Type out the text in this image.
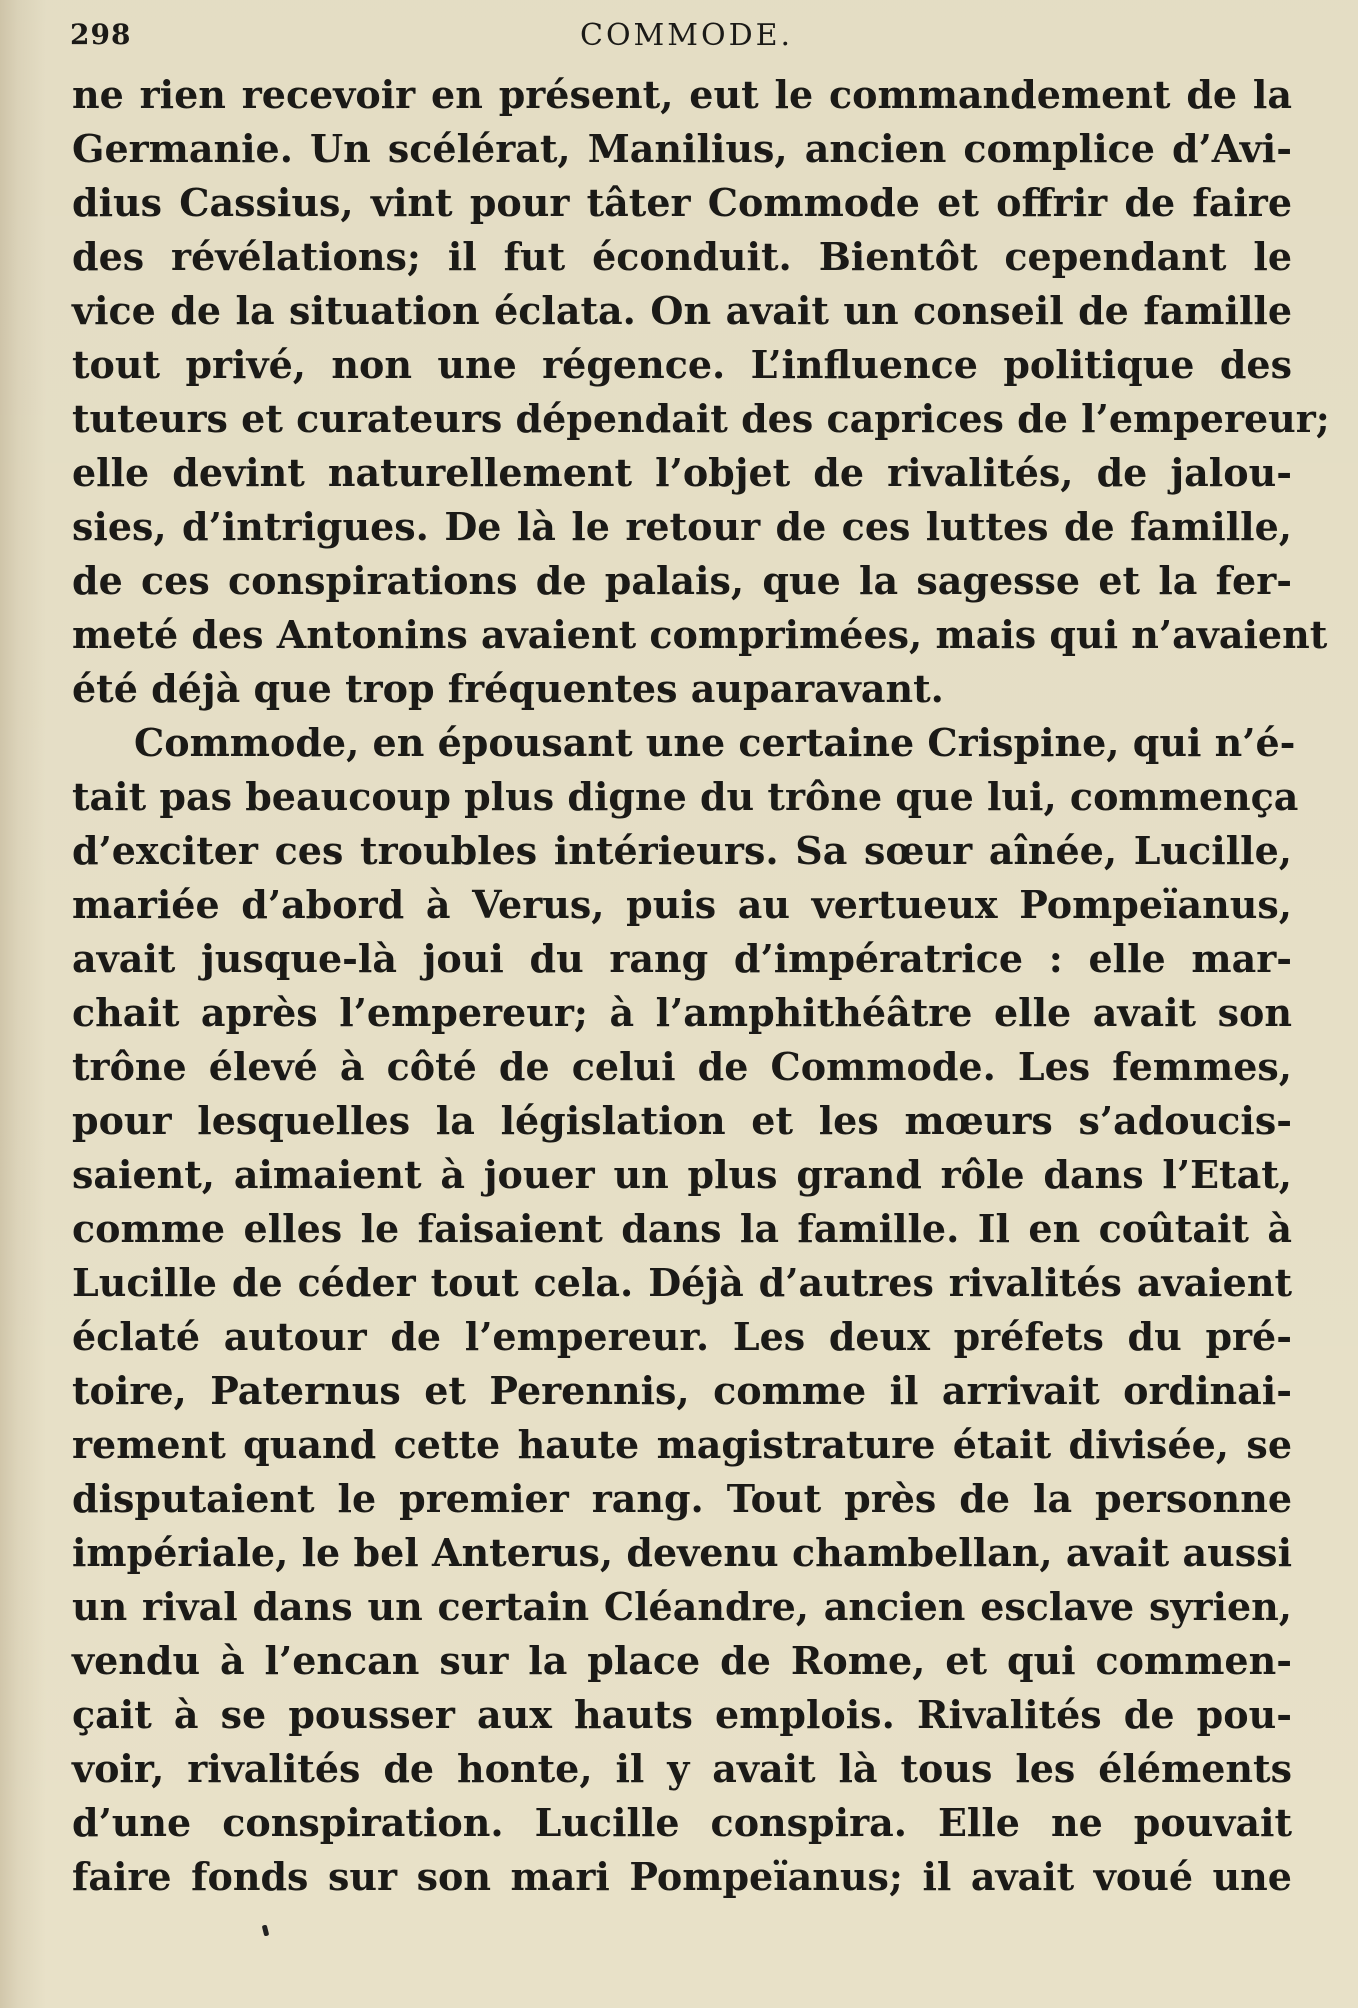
298	COMMODE.
ne rien recevoir en présent, eut le commandement de la
Germanie. Un scélérat, Manilius, ancien complice d’Avi-
dius Cassius, vint pour tâter Commode et offrir de faire
des révélations; il fut éconduit. Bientôt cependant le
vice de la situation éclata. On avait un conseil de famille
tout privé, non une régence. L’influence politique des
tuteurs et curateurs dépendait des caprices de l’empereur;
elle devint naturellement l’objet de rivalités, de jalou-
sies, d’intrigues. De là le retour de ces luttes de famille,
de ces conspirations de palais, que la sagesse et la fer-
meté des Antonins avaient comprimées, mais qui n’avaient
été déjà que trop fréquentes auparavant.
Commode, en épousant une certaine Crispine, qui n’é-
tait pas beaucoup plus digne du trône que lui, commença
d’exciter ces troubles intérieurs. Sa sœur aînée, Lucille,
mariée d’abord à Verus, puis au vertueux Pompeïanus,
avait jusque-là joui du rang d’impératrice : elle mar-
chait après l’empereur; à l’amphithéâtre elle avait son
trône élevé à côté de celui de Commode. Les femmes,
pour lesquelles la législation et les mœurs s’adoucis-
saient, aimaient à jouer un plus grand rôle dans l’Etat,
comme elles le faisaient dans la famille. Il en coûtait à
Lucille de céder tout cela. Déjà d’autres rivalités avaient
éclaté autour de l’empereur. Les deux préfets du pré-
toire, Paternus et Perennis, comme il arrivait ordinai-
rement quand cette haute magistrature était divisée, se
disputaient le premier rang. Tout près de la personne
impériale, le bel Anterus, devenu chambellan, avait aussi
un rival dans un certain Cléandre, ancien esclave syrien,
vendu à l’encan sur la place de Rome, et qui commen-
çait à se pousser aux hauts emplois. Rivalités de pou-
voir, rivalités de honte, il y avait là tous les éléments
d’une conspiration. Lucille conspira. Elle ne pouvait
faire fonds sur son mari Pompeïanus; il avait voué une
